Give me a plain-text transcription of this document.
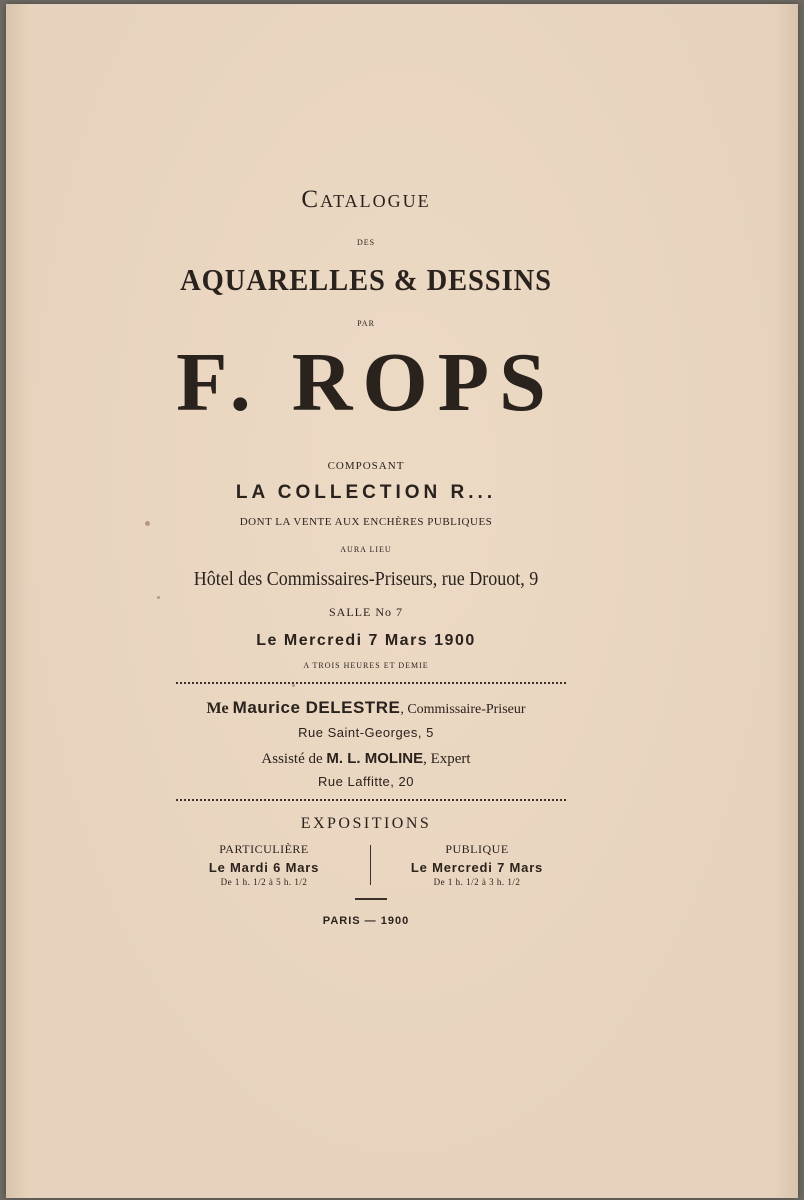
Catalogue
DES
AQUARELLES & DESSINS
PAR
F. ROPS
COMPOSANT
LA COLLECTION R...
DONT LA VENTE AUX ENCHÈRES PUBLIQUES
AURA LIEU
Hôtel des Commissaires-Priseurs, rue Drouot, 9
SALLE No 7
Le Mercredi 7 Mars 1900
A TROIS HEURES ET DEMIE
Me Maurice DELESTRE, Commissaire-Priseur
Rue Saint-Georges, 5
Assisté de M. L. MOLINE, Expert
Rue Laffitte, 20
EXPOSITIONS
PARTICULIÈRE
Le Mardi 6 Mars
De 1 h. 1/2 à 5 h. 1/2
PUBLIQUE
Le Mercredi 7 Mars
De 1 h. 1/2 à 3 h. 1/2
PARIS — 1900
